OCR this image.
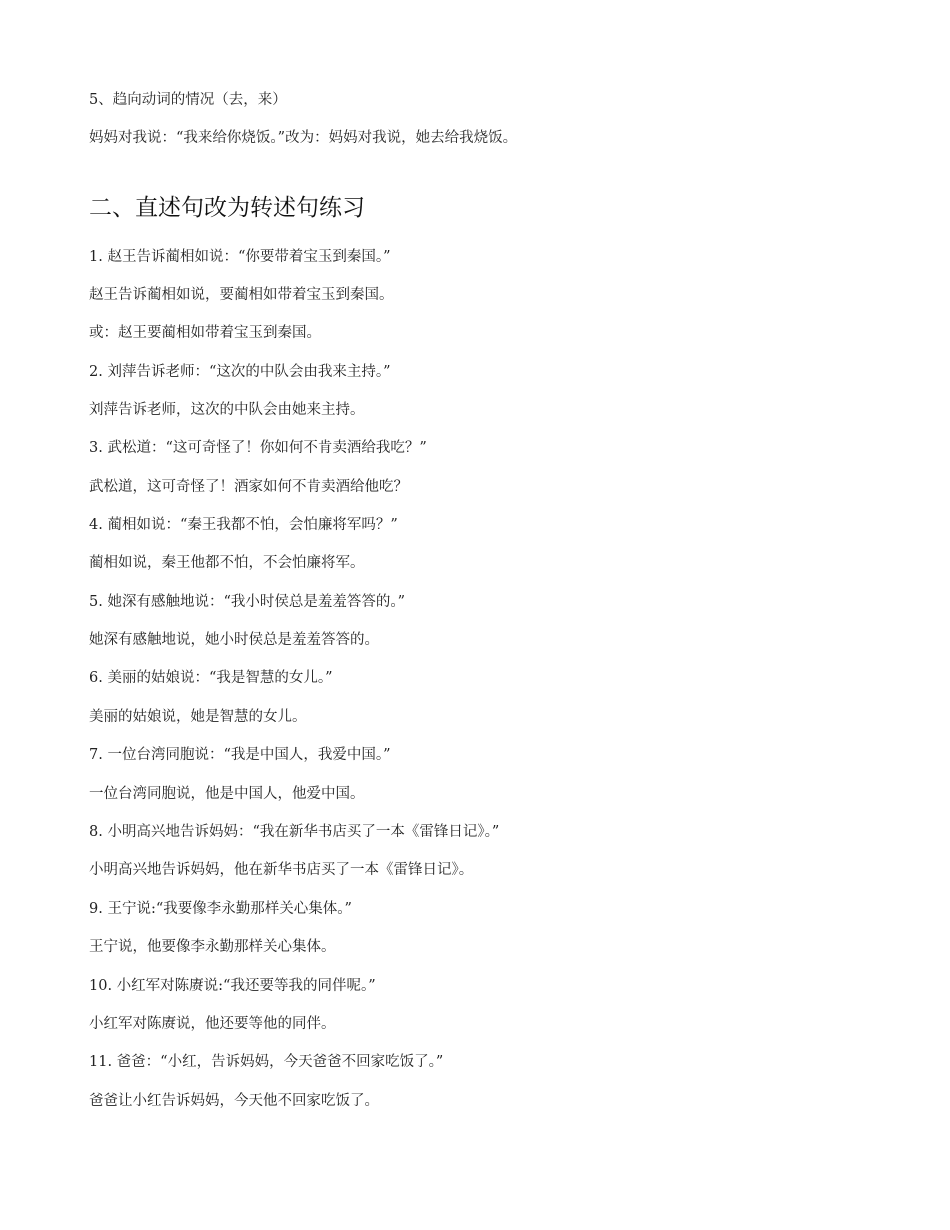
5、趋向动词的情况（去，来）
妈妈对我说：“我来给你烧饭。”改为：妈妈对我说，她去给我烧饭。
二、直述句改为转述句练习
1. 赵王告诉蔺相如说：“你要带着宝玉到秦国。”
赵王告诉蔺相如说，要蔺相如带着宝玉到秦国。
或：赵王要蔺相如带着宝玉到秦国。
2. 刘萍告诉老师：“这次的中队会由我来主持。”
刘萍告诉老师，这次的中队会由她来主持。
3. 武松道：“这可奇怪了！你如何不肯卖酒给我吃？”
武松道，这可奇怪了！酒家如何不肯卖酒给他吃？
4. 蔺相如说：“秦王我都不怕，会怕廉将军吗？”
蔺相如说，秦王他都不怕，不会怕廉将军。
5. 她深有感触地说：“我小时侯总是羞羞答答的。”
她深有感触地说，她小时侯总是羞羞答答的。
6. 美丽的姑娘说：“我是智慧的女儿。”
美丽的姑娘说，她是智慧的女儿。
7. 一位台湾同胞说：“我是中国人，我爱中国。”
一位台湾同胞说，他是中国人，他爱中国。
8. 小明高兴地告诉妈妈：“我在新华书店买了一本《雷锋日记》。”
小明高兴地告诉妈妈，他在新华书店买了一本《雷锋日记》。
9. 王宁说:“我要像李永勤那样关心集体。”
王宁说，他要像李永勤那样关心集体。
10. 小红军对陈赓说:“我还要等我的同伴呢。”
小红军对陈赓说，他还要等他的同伴。
11. 爸爸：“小红，告诉妈妈，今天爸爸不回家吃饭了。”
爸爸让小红告诉妈妈，今天他不回家吃饭了。
